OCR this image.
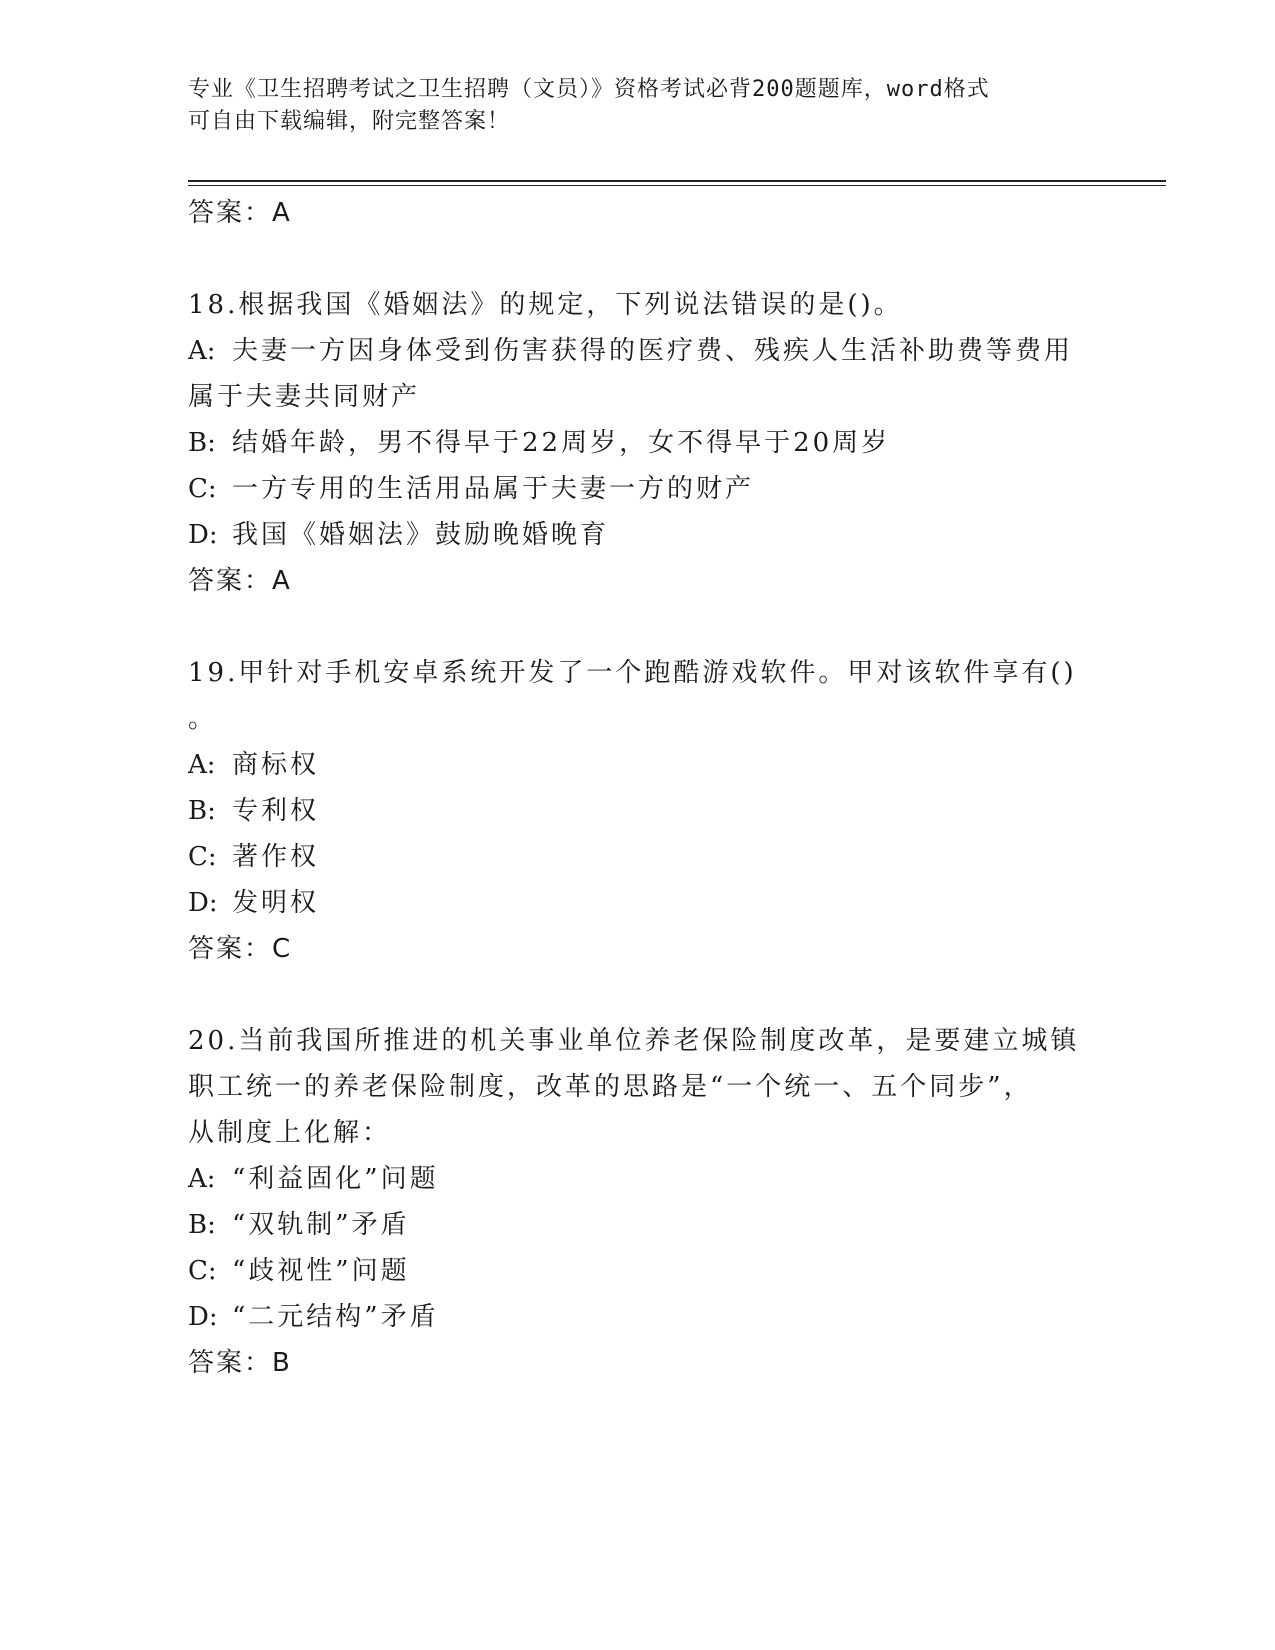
专业《卫生招聘考试之卫生招聘（文员）》资格考试必背200题题库，word格式
可自由下载编辑，附完整答案！
答案：A
18.根据我国《婚姻法》的规定，下列说法错误的是()。
A: 夫妻一方因身体受到伤害获得的医疗费、残疾人生活补助费等费用
属于夫妻共同财产
B: 结婚年龄，男不得早于22周岁，女不得早于20周岁
C: 一方专用的生活用品属于夫妻一方的财产
D: 我国《婚姻法》鼓励晚婚晚育
答案：A
19.甲针对手机安卓系统开发了一个跑酷游戏软件。甲对该软件享有()
。
A: 商标权
B: 专利权
C: 著作权
D: 发明权
答案：C
20.当前我国所推进的机关事业单位养老保险制度改革，是要建立城镇
职工统一的养老保险制度，改革的思路是“一个统一、五个同步”，
从制度上化解：
A: “利益固化”问题
B: “双轨制”矛盾
C: “歧视性”问题
D: “二元结构”矛盾
答案：B
